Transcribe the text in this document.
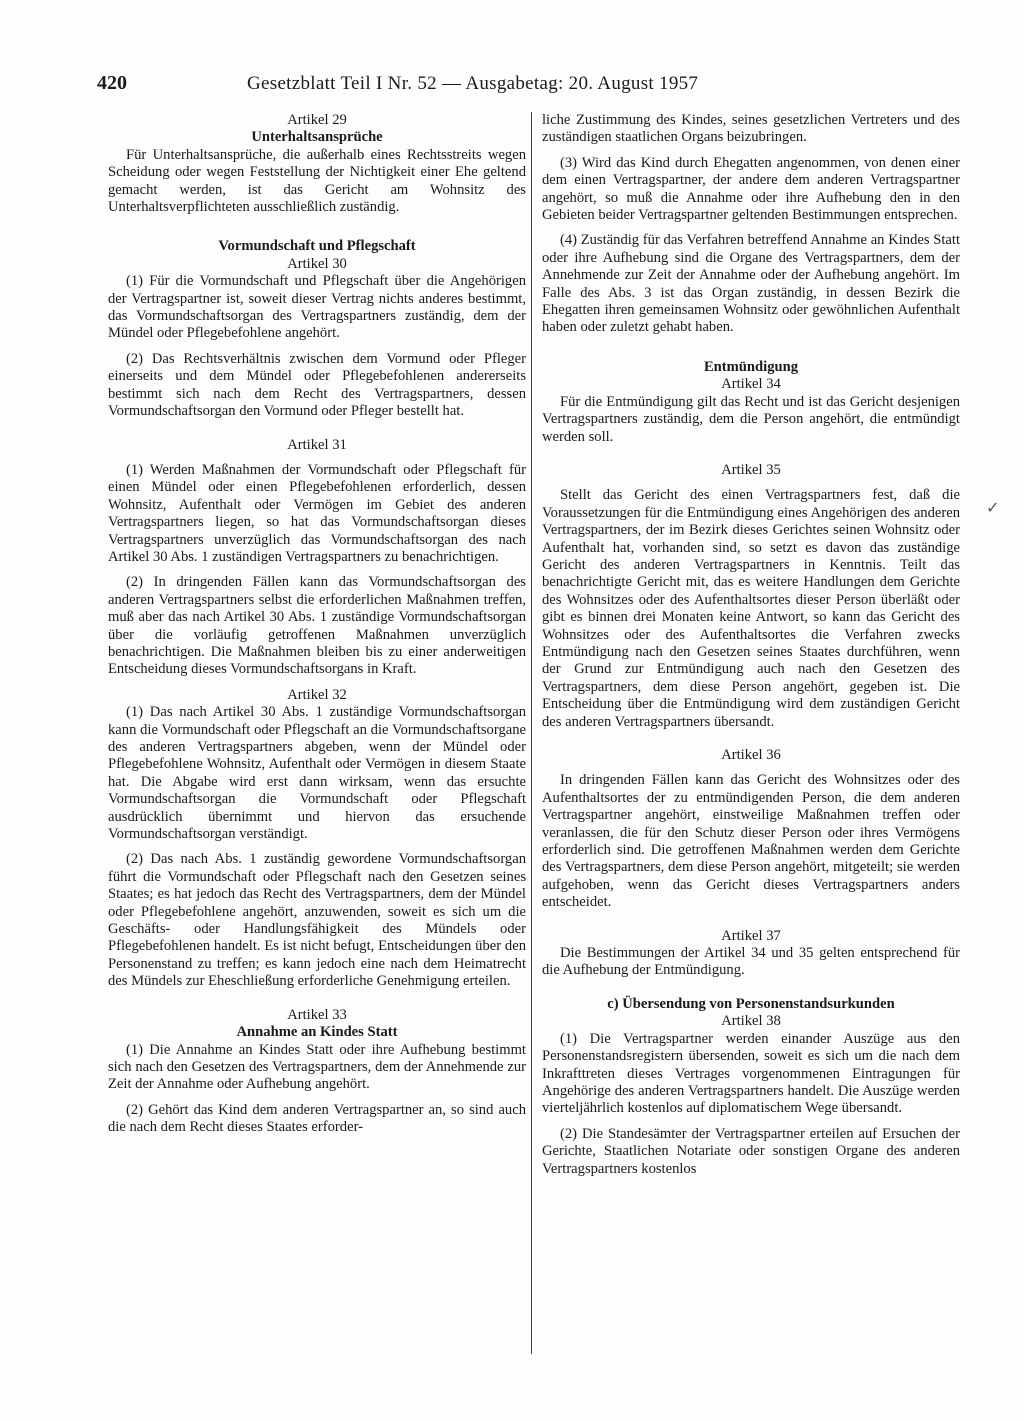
420	Gesetzblatt Teil I Nr. 52 — Ausgabetag: 20. August 1957
Artikel 29
Unterhaltsansprüche

Für Unterhaltsansprüche, die außerhalb eines Rechtsstreits wegen Scheidung oder wegen Feststellung der Nichtigkeit einer Ehe geltend gemacht werden, ist das Gericht am Wohnsitz des Unterhaltsverpflichteten ausschließlich zuständig.

Vormundschaft und Pflegschaft
Artikel 30

(1) Für die Vormundschaft und Pflegschaft über die Angehörigen der Vertragspartner ist, soweit dieser Vertrag nichts anderes bestimmt, das Vormundschaftsorgan des Vertragspartners zuständig, dem der Mündel oder Pflegebefohlene angehört.

(2) Das Rechtsverhältnis zwischen dem Vormund oder Pfleger einerseits und dem Mündel oder Pflegebefohlenen andererseits bestimmt sich nach dem Recht des Vertragspartners, dessen Vormundschaftsorgan den Vormund oder Pfleger bestellt hat.

Artikel 31

(1) Werden Maßnahmen der Vormundschaft oder Pflegschaft für einen Mündel oder einen Pflegebefohlenen erforderlich, dessen Wohnsitz, Aufenthalt oder Vermögen im Gebiet des anderen Vertragspartners liegen, so hat das Vormundschaftsorgan dieses Vertragspartners unverzüglich das Vormundschaftsorgan des nach Artikel 30 Abs. 1 zuständigen Vertragspartners zu benachrichtigen.

(2) In dringenden Fällen kann das Vormundschaftsorgan des anderen Vertragspartners selbst die erforderlichen Maßnahmen treffen, muß aber das nach Artikel 30 Abs. 1 zuständige Vormundschaftsorgan über die vorläufig getroffenen Maßnahmen unverzüglich benachrichtigen. Die Maßnahmen bleiben bis zu einer anderweitigen Entscheidung dieses Vormundschaftsorgans in Kraft.

Artikel 32

(1) Das nach Artikel 30 Abs. 1 zuständige Vormundschaftsorgan kann die Vormundschaft oder Pflegschaft an die Vormundschaftsorgane des anderen Vertragspartners abgeben, wenn der Mündel oder Pflegebefohlene Wohnsitz, Aufenthalt oder Vermögen in diesem Staate hat. Die Abgabe wird erst dann wirksam, wenn das ersuchte Vormundschaftsorgan die Vormundschaft oder Pflegschaft ausdrücklich übernimmt und hiervon das ersuchende Vormundschaftsorgan verständigt.

(2) Das nach Abs. 1 zuständig gewordene Vormundschaftsorgan führt die Vormundschaft oder Pflegschaft nach den Gesetzen seines Staates; es hat jedoch das Recht des Vertragspartners, dem der Mündel oder Pflegebefohlene angehört, anzuwenden, soweit es sich um die Geschäfts- oder Handlungsfähigkeit des Mündels oder Pflegebefohlenen handelt. Es ist nicht befugt, Entscheidungen über den Personenstand zu treffen; es kann jedoch eine nach dem Heimatrecht des Mündels zur Eheschließung erforderliche Genehmigung erteilen.

Artikel 33
Annahme an Kindes Statt

(1) Die Annahme an Kindes Statt oder ihre Aufhebung bestimmt sich nach den Gesetzen des Vertragspartners, dem der Annehmende zur Zeit der Annahme oder Aufhebung angehört.

(2) Gehört das Kind dem anderen Vertragspartner an, so sind auch die nach dem Recht dieses Staates erforder-

liche Zustimmung des Kindes, seines gesetzlichen Vertreters und des zuständigen staatlichen Organs beizubringen.

(3) Wird das Kind durch Ehegatten angenommen, von denen einer dem einen Vertragspartner, der andere dem anderen Vertragspartner angehört, so muß die Annahme oder ihre Aufhebung den in den Gebieten beider Vertragspartner geltenden Bestimmungen entsprechen.

(4) Zuständig für das Verfahren betreffend Annahme an Kindes Statt oder ihre Aufhebung sind die Organe des Vertragspartners, dem der Annehmende zur Zeit der Annahme oder der Aufhebung angehört. Im Falle des Abs. 3 ist das Organ zuständig, in dessen Bezirk die Ehegatten ihren gemeinsamen Wohnsitz oder gewöhnlichen Aufenthalt haben oder zuletzt gehabt haben.

Entmündigung
Artikel 34

Für die Entmündigung gilt das Recht und ist das Gericht desjenigen Vertragspartners zuständig, dem die Person angehört, die entmündigt werden soll.

Artikel 35

Stellt das Gericht des einen Vertragspartners fest, daß die Voraussetzungen für die Entmündigung eines Angehörigen des anderen Vertragspartners, der im Bezirk dieses Gerichtes seinen Wohnsitz oder Aufenthalt hat, vorhanden sind, so setzt es davon das zuständige Gericht des anderen Vertragspartners in Kenntnis. Teilt das benachrichtigte Gericht mit, das es weitere Handlungen dem Gerichte des Wohnsitzes oder des Aufenthaltsortes dieser Person überläßt oder gibt es binnen drei Monaten keine Antwort, so kann das Gericht des Wohnsitzes oder des Aufenthaltsortes die Verfahren zwecks Entmündigung nach den Gesetzen seines Staates durchführen, wenn der Grund zur Entmündigung auch nach den Gesetzen des Vertragspartners, dem diese Person angehört, gegeben ist. Die Entscheidung über die Entmündigung wird dem zuständigen Gericht des anderen Vertragspartners übersandt.

Artikel 36

In dringenden Fällen kann das Gericht des Wohnsitzes oder des Aufenthaltsortes der zu entmündigenden Person, die dem anderen Vertragspartner angehört, einstweilige Maßnahmen treffen oder veranlassen, die für den Schutz dieser Person oder ihres Vermögens erforderlich sind. Die getroffenen Maßnahmen werden dem Gerichte des Vertragspartners, dem diese Person angehört, mitgeteilt; sie werden aufgehoben, wenn das Gericht dieses Vertragspartners anders entscheidet.

Artikel 37

Die Bestimmungen der Artikel 34 und 35 gelten entsprechend für die Aufhebung der Entmündigung.

c) Übersendung von Personenstandsurkunden
Artikel 38

(1) Die Vertragspartner werden einander Auszüge aus den Personenstandsregistern übersenden, soweit es sich um die nach dem Inkrafttreten dieses Vertrages vorgenommenen Eintragungen für Angehörige des anderen Vertragspartners handelt. Die Auszüge werden vierteljährlich kostenlos auf diplomatischem Wege übersandt.

(2) Die Standesämter der Vertragspartner erteilen auf Ersuchen der Gerichte, Staatlichen Notariate oder sonstigen Organe des anderen Vertragspartners kostenlos

✓
